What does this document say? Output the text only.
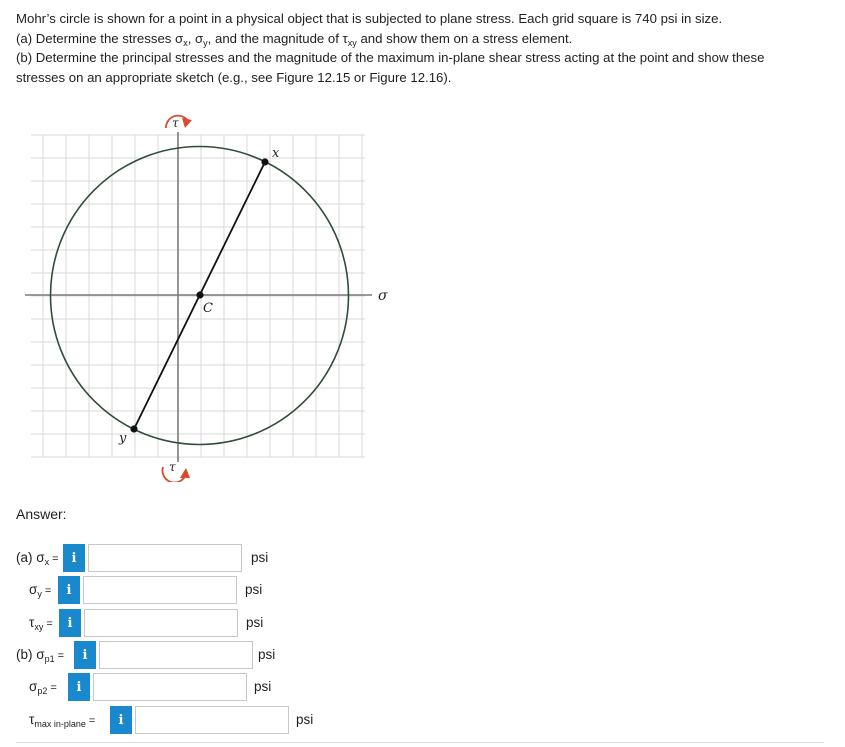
Mohr’s circle is shown for a point in a physical object that is subjected to plane stress. Each grid square is 740 psi in size.
(a) Determine the stresses $\sigma_x$, $\sigma_y$, and the magnitude of $\tau_{xy}$ and show them on a stress element.
(b) Determine the principal stresses and the magnitude of the maximum in-plane shear stress acting at the point and show these
stresses on an appropriate sketch (e.g., see Figure 12.15 or Figure 12.16).
x
y
C
σ
τ
τ
Answer:
(a) $\sigma_x = i$	psi
$\sigma_y$ =	i	psi
$\tau_{xy}$ =	i	psi
(b) $\sigma_{p1}$ =	i	psi
$\sigma_{p2}$ =	i	psi
$\tau_{max in-plane}$ =	i	psi
